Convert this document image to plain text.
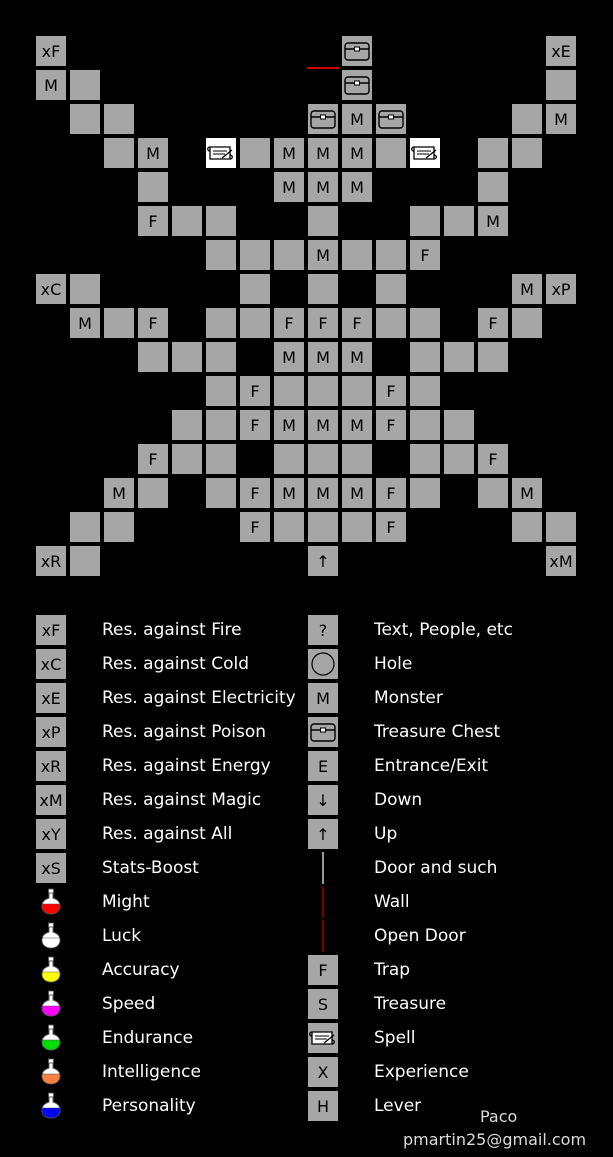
xF	xE
M
M	M
M	M	M	M
M	M	M
F	M
M	F
xC	M	xP
M	F	F	F	F	F
M	M	M
F	F
F	M	M	M	F
F	F
M	F	M	M	M	F	M
F	F
xR	↑	xM
xF	Res. against Fire
xC	Res. against Cold
xE	Res. against Electricity
xP	Res. against Poison
xR	Res. against Energy
xM Res. against Magic
xY	Res. against All
xS	Stats-Boost
Might
Luck
Accuracy
Speed
Endurance
Intelligence
Personality
?	Text, People, etc
Hole
M	Monster
Treasure Chest
E	Entrance/Exit
↓	Down
↑	Up
Door and such
Wall
Open Door
F	Trap
S	Treasure
Spell
X	Experience
H	Lever
Paco
pmartin25@gmail.com
